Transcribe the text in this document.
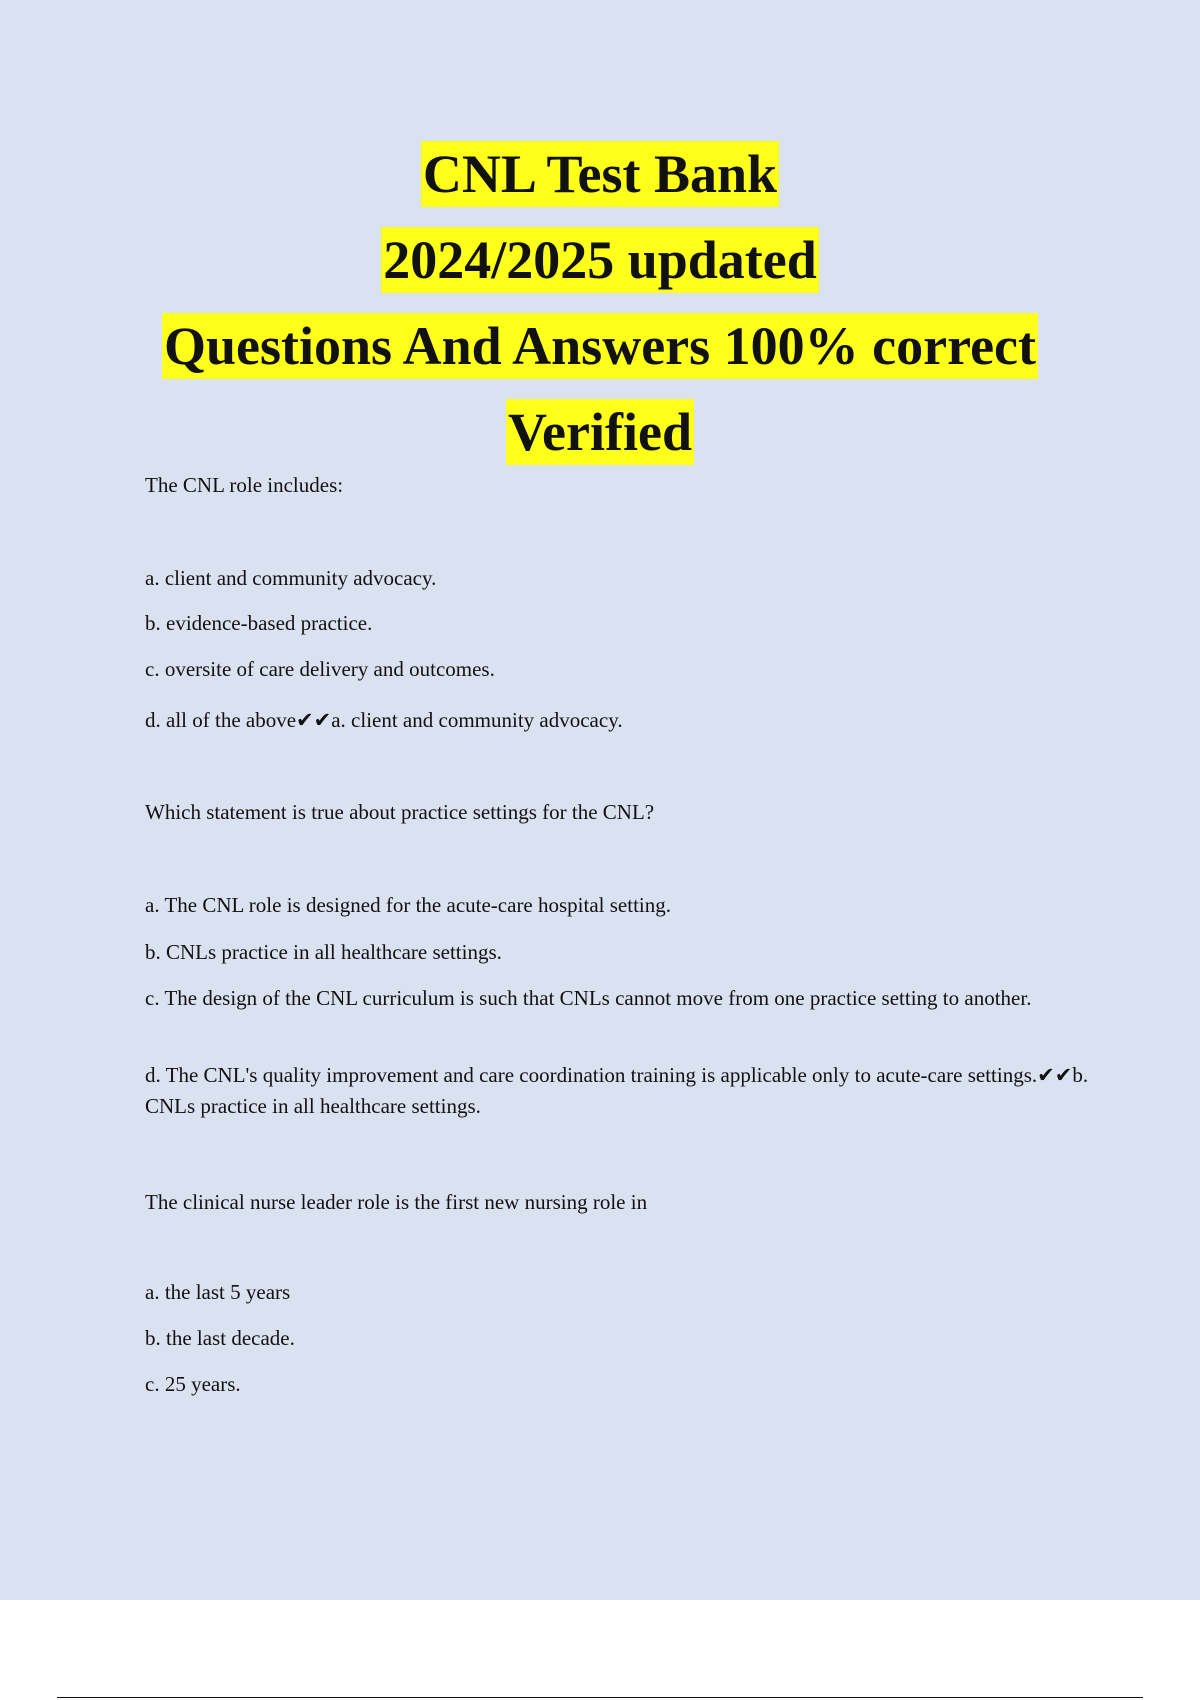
CNL Test Bank

2024/2025 updated

Questions And Answers 100% correct

Verified

The CNL role includes:

a. client and community advocacy.

b. evidence-based practice.

c. oversite of care delivery and outcomes.

d. all of the above✔✔a. client and community advocacy.

Which statement is true about practice settings for the CNL?

a. The CNL role is designed for the acute-care hospital setting.

b. CNLs practice in all healthcare settings.

c. The design of the CNL curriculum is such that CNLs cannot move from one practice setting to another.

d. The CNL's quality improvement and care coordination training is applicable only to acute-care settings.✔✔b. CNLs practice in all healthcare settings.

The clinical nurse leader role is the first new nursing role in

a. the last 5 years

b. the last decade.

c. 25 years.
